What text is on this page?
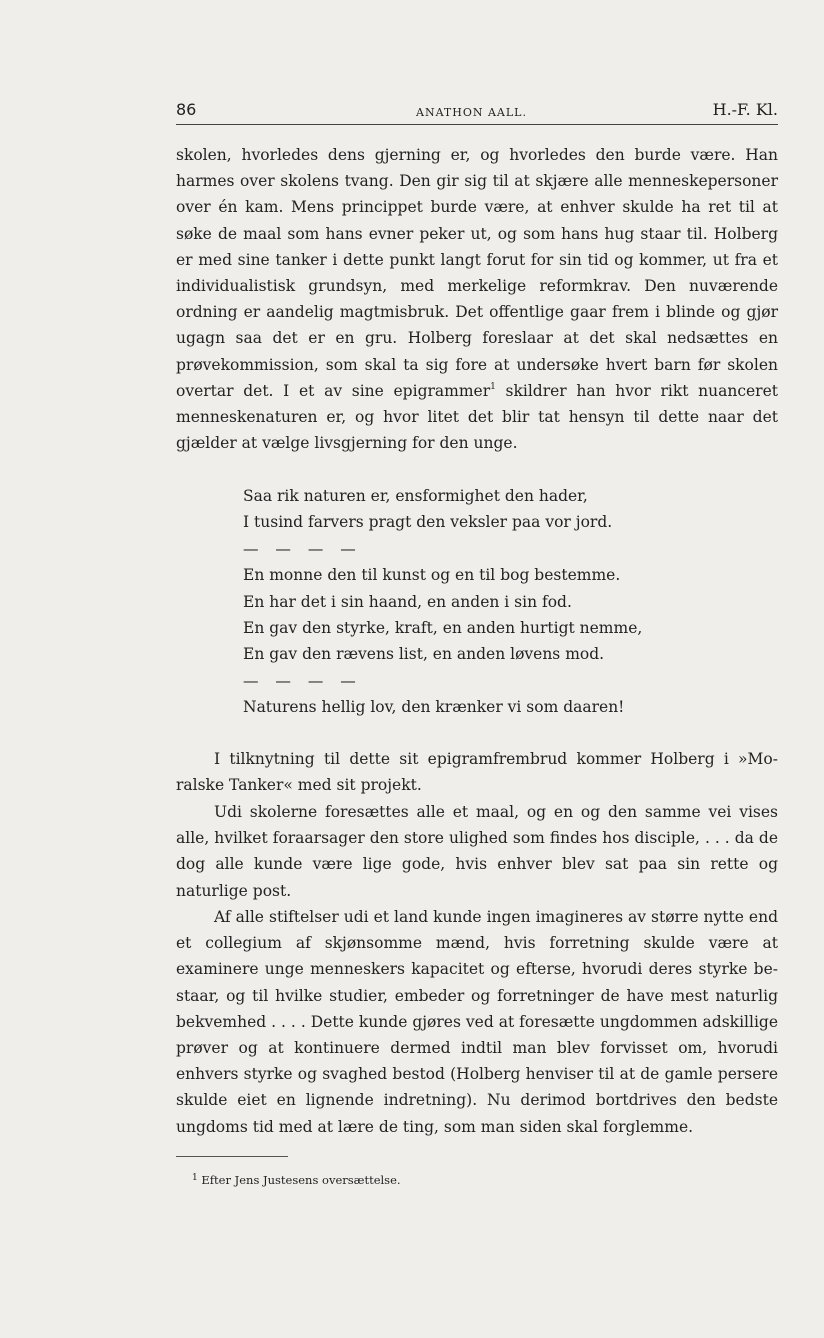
86	ANATHON AALL.	H.-F. Kl.
skolen, hvorledes dens gjerning er, og hvorledes den burde være. Han harmes over skolens tvang. Den gir sig til at skjære alle menneskepersoner over én kam. Mens princippet burde være, at enhver skulde ha ret til at søke de maal som hans evner peker ut, og som hans hug staar til. Holberg er med sine tanker i dette punkt langt forut for sin tid og kommer, ut fra et individualistisk grundsyn, med merkelige reformkrav. Den nuværende ordning er aandelig magtmisbruk. Det offentlige gaar frem i blinde og gjør ugagn saa det er en gru. Holberg foreslaar at det skal nedsættes en prøvekommission, som skal ta sig fore at undersøke hvert barn før skolen overtar det. I et av sine epigrammer$^1$ skildrer han hvor rikt nuanceret menneskenaturen er, og hvor litet det blir tat hensyn til dette naar det gjælder at vælge livsgjerning for den unge.
Saa rik naturen er, ensformighet den hader,
I tusind farvers pragt den veksler paa vor jord.
— — — —
En monne den til kunst og en til bog bestemme.
En har det i sin haand, en anden i sin fod.
En gav den styrke, kraft, en anden hurtigt nemme,
En gav den rævens list, en anden løvens mod.
— — — —
Naturens hellig lov, den krænker vi som daaren!
I tilknytning til dette sit epigramfrembrud kommer Holberg i »Moralske Tanker« med sit projekt.
Udi skolerne foresættes alle et maal, og en og den samme vei vises alle, hvilket foraarsager den store ulighed som findes hos disciple, . . . da de dog alle kunde være lige gode, hvis enhver blev sat paa sin rette og naturlige post.
Af alle stiftelser udi et land kunde ingen imagineres av større nytte end et collegium af skjønsomme mænd, hvis forretning skulde være at examinere unge menneskers kapacitet og efterse, hvorudi deres styrke bestaar, og til hvilke studier, embeder og forretninger de have mest naturlig bekvemhed . . . . Dette kunde gjøres ved at foresætte ungdommen adskillige prøver og at kontinuere dermed indtil man blev forvisset om, hvorudi enhvers styrke og svaghed bestod (Holberg henviser til at de gamle persere skulde eiet en lignende indretning). Nu derimod bortdrives den bedste ungdoms tid med at lære de ting, som man siden skal forglemme.
$^1$ Efter Jens Justesens oversættelse.
